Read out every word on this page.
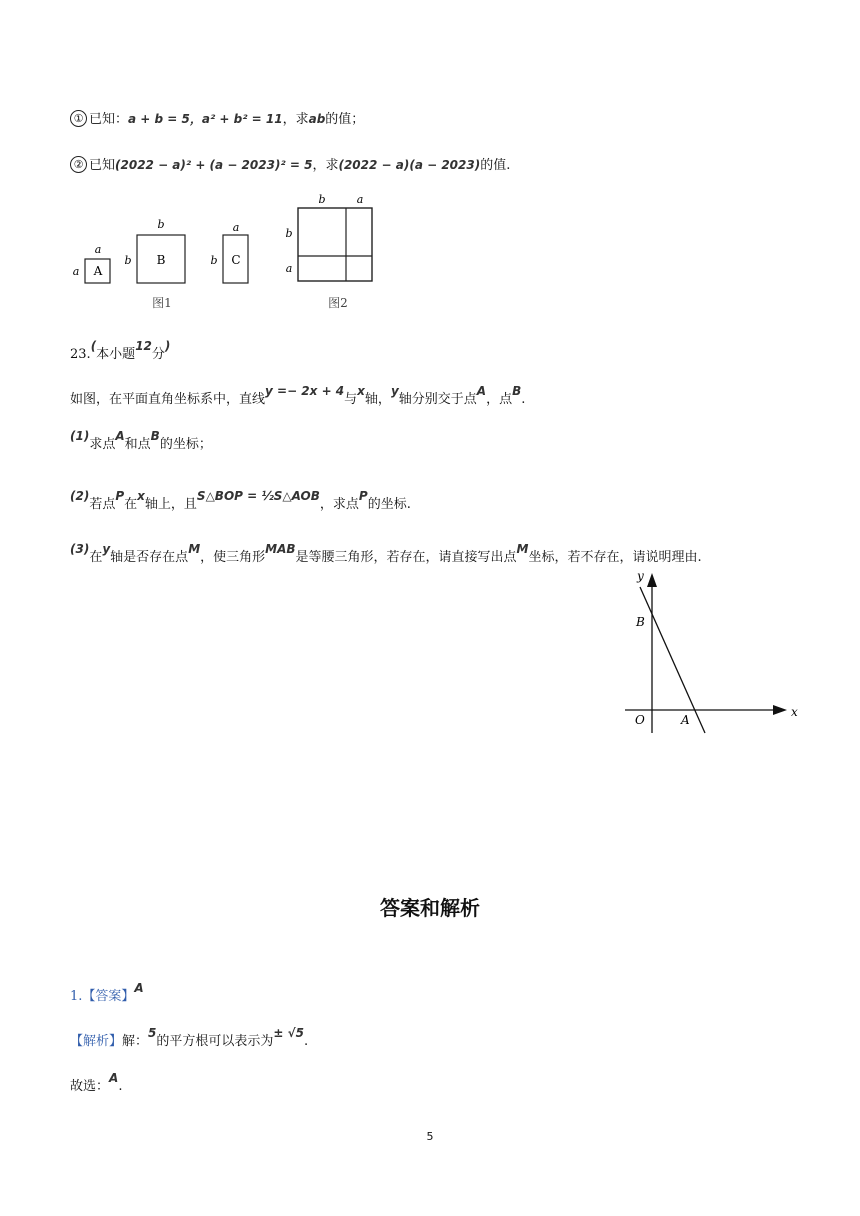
① 已知：a + b = 5，a² + b² = 11，求ab的值；
② 已知(2022 − a)² + (a − 2023)² = 5，求(2022 − a)(a − 2023)的值.
A
a
a
B
b
b	C
a
b
图1
b	a
b
a
图2
23.(本小题12分)
如图，在平面直角坐标系中，直线y =− 2x + 4与x轴，y轴分别交于点A，点B.
(1)求点A和点B的坐标；
(2)若点P在x轴上，且S△BOP = ½S△AOB，求点P的坐标.
(3)在y轴是否存在点M，使三角形MAB是等腰三角形，若存在，请直接写出点M坐标，若不存在，请说明理由.
y
x
B
O	A
答案和解析
1.【答案】A
【解析】解：5的平方根可以表示为± √5.
故选：A.
5
